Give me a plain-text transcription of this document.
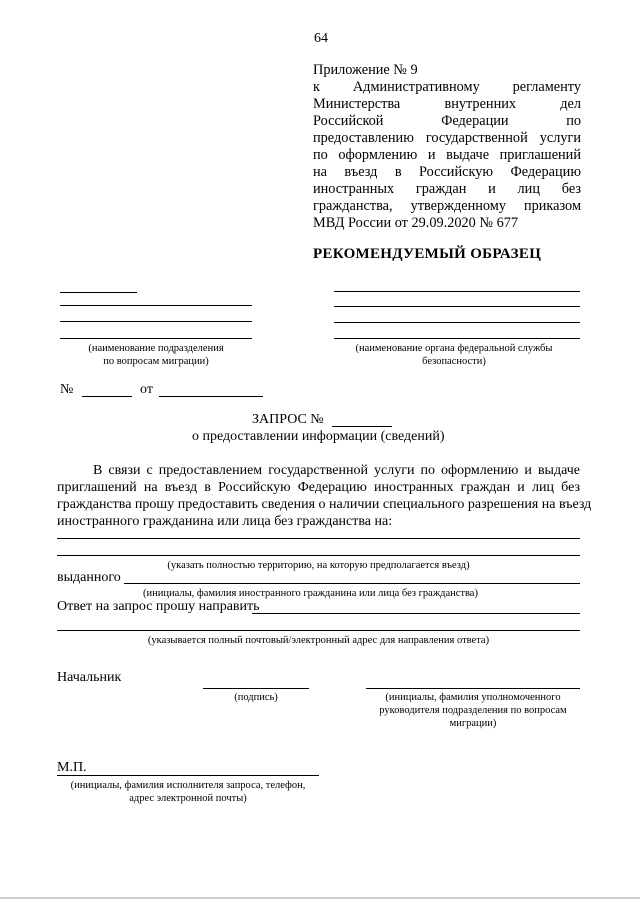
64
Приложение № 9
к Административному регламенту
Министерства внутренних дел
Российской Федерации по
предоставлению государственной услуги
по оформлению и выдаче приглашений
на въезд в Российскую Федерацию
иностранных граждан и лиц без
гражданства, утвержденному приказом
МВД России от 29.09.2020 № 677
РЕКОМЕНДУЕМЫЙ ОБРАЗЕЦ
(наименование подразделения
по вопросам миграции)
(наименование органа федеральной службы
безопасности)
№	от
ЗАПРОС №
о предоставлении информации (сведений)
В связи с предоставлением государственной услуги по оформлению и выдаче
приглашений на въезд в Российскую Федерацию иностранных граждан и лиц без
гражданства прошу предоставить сведения о наличии специального разрешения на въезд
иностранного гражданина или лица без гражданства на:
(указать полностью территорию, на которую предполагается въезд)
выданного
(инициалы, фамилия иностранного гражданина или лица без гражданства)
Ответ на запрос прошу направить
(указывается полный почтовый/электронный адрес для направления ответа)
Начальник
(подпись)	(инициалы, фамилия уполномоченного
руководителя подразделения по вопросам
миграции)
М.П.
(инициалы, фамилия исполнителя запроса, телефон,
адрес электронной почты)
